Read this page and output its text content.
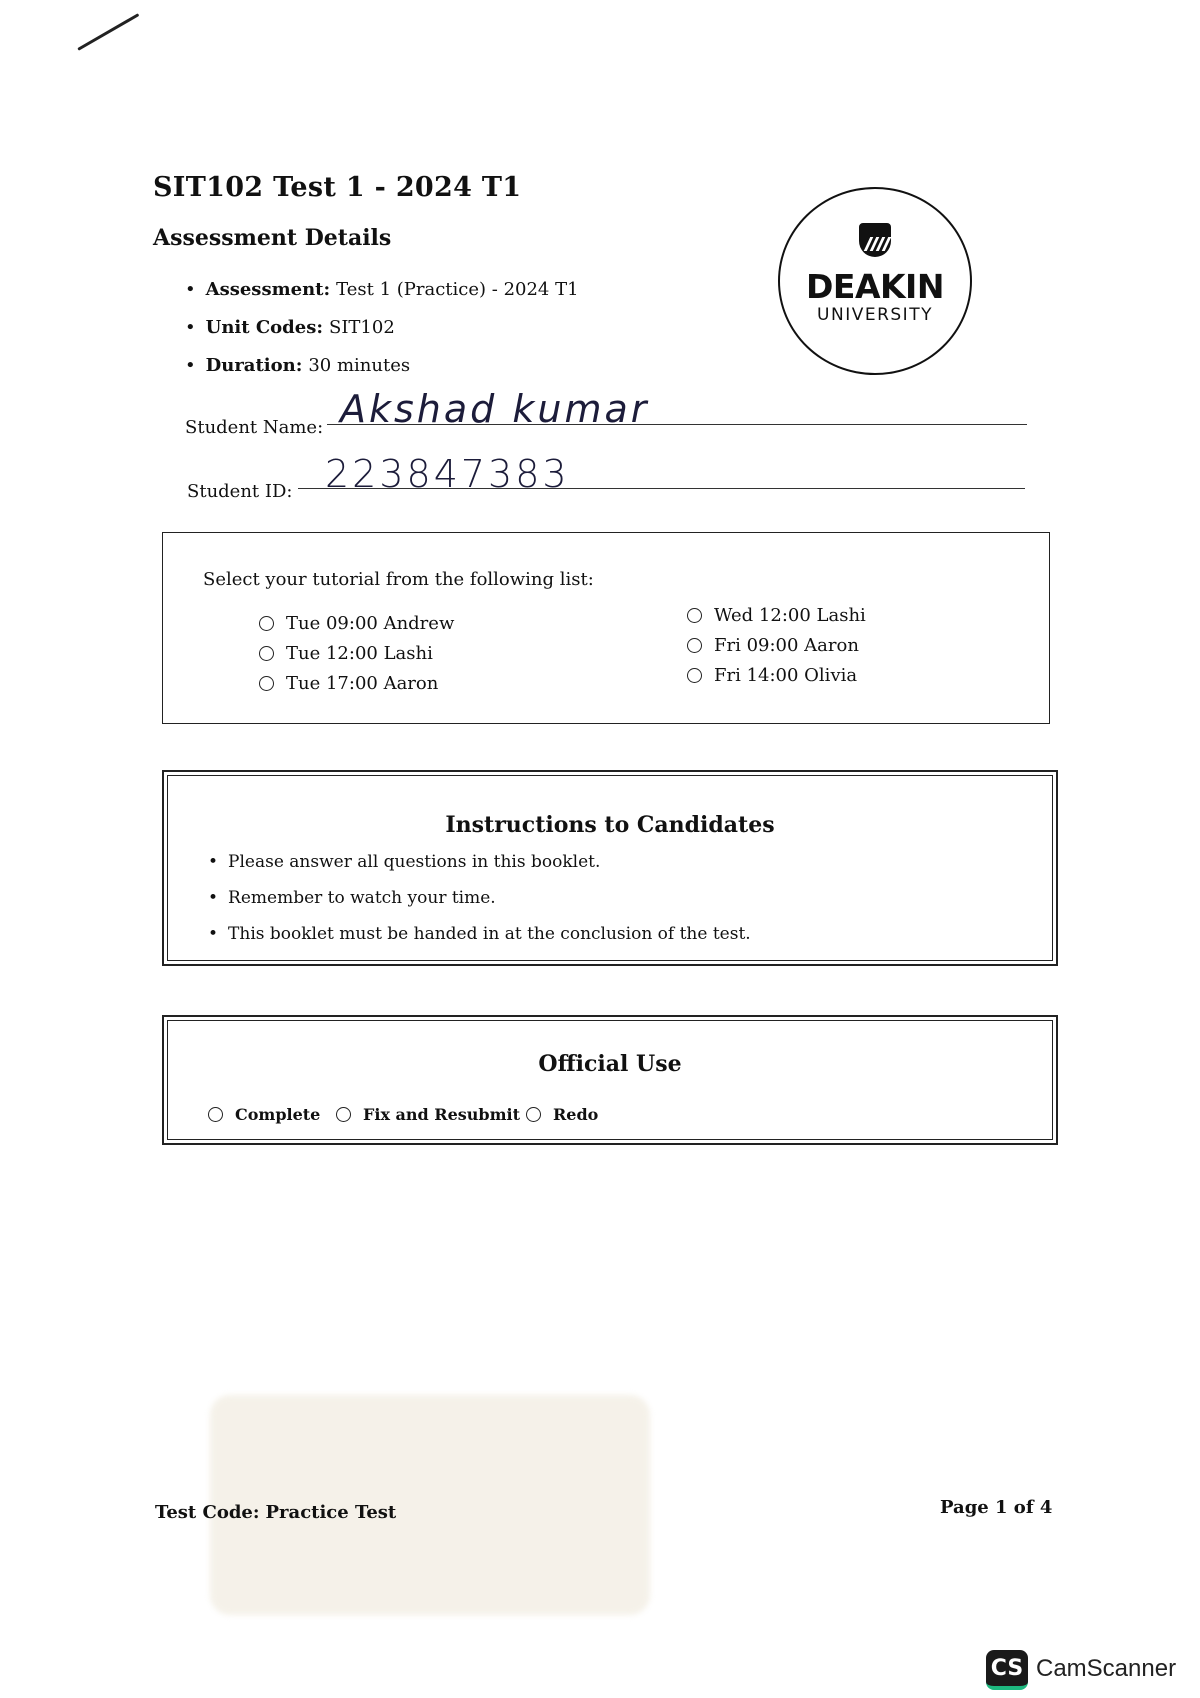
SIT102 Test 1 - 2024 T1
Assessment Details
• Assessment: Test 1 (Practice) - 2024 T1
• Unit Codes: SIT102
• Duration: 30 minutes
DEAKIN
UNIVERSITY
Student Name: Akshad kumar
Student ID: 223847383
Select your tutorial from the following list:
Tue 09:00 Andrew
Tue 12:00 Lashi
Tue 17:00 Aaron
Wed 12:00 Lashi
Fri 09:00 Aaron
Fri 14:00 Olivia
Instructions to Candidates
• Please answer all questions in this booklet.
• Remember to watch your time.
• This booklet must be handed in at the conclusion of the test.
Official Use
Complete	Fix and Resubmit Redo
Test Code: Practice Test	Page 1 of 4
CS CamScanner
